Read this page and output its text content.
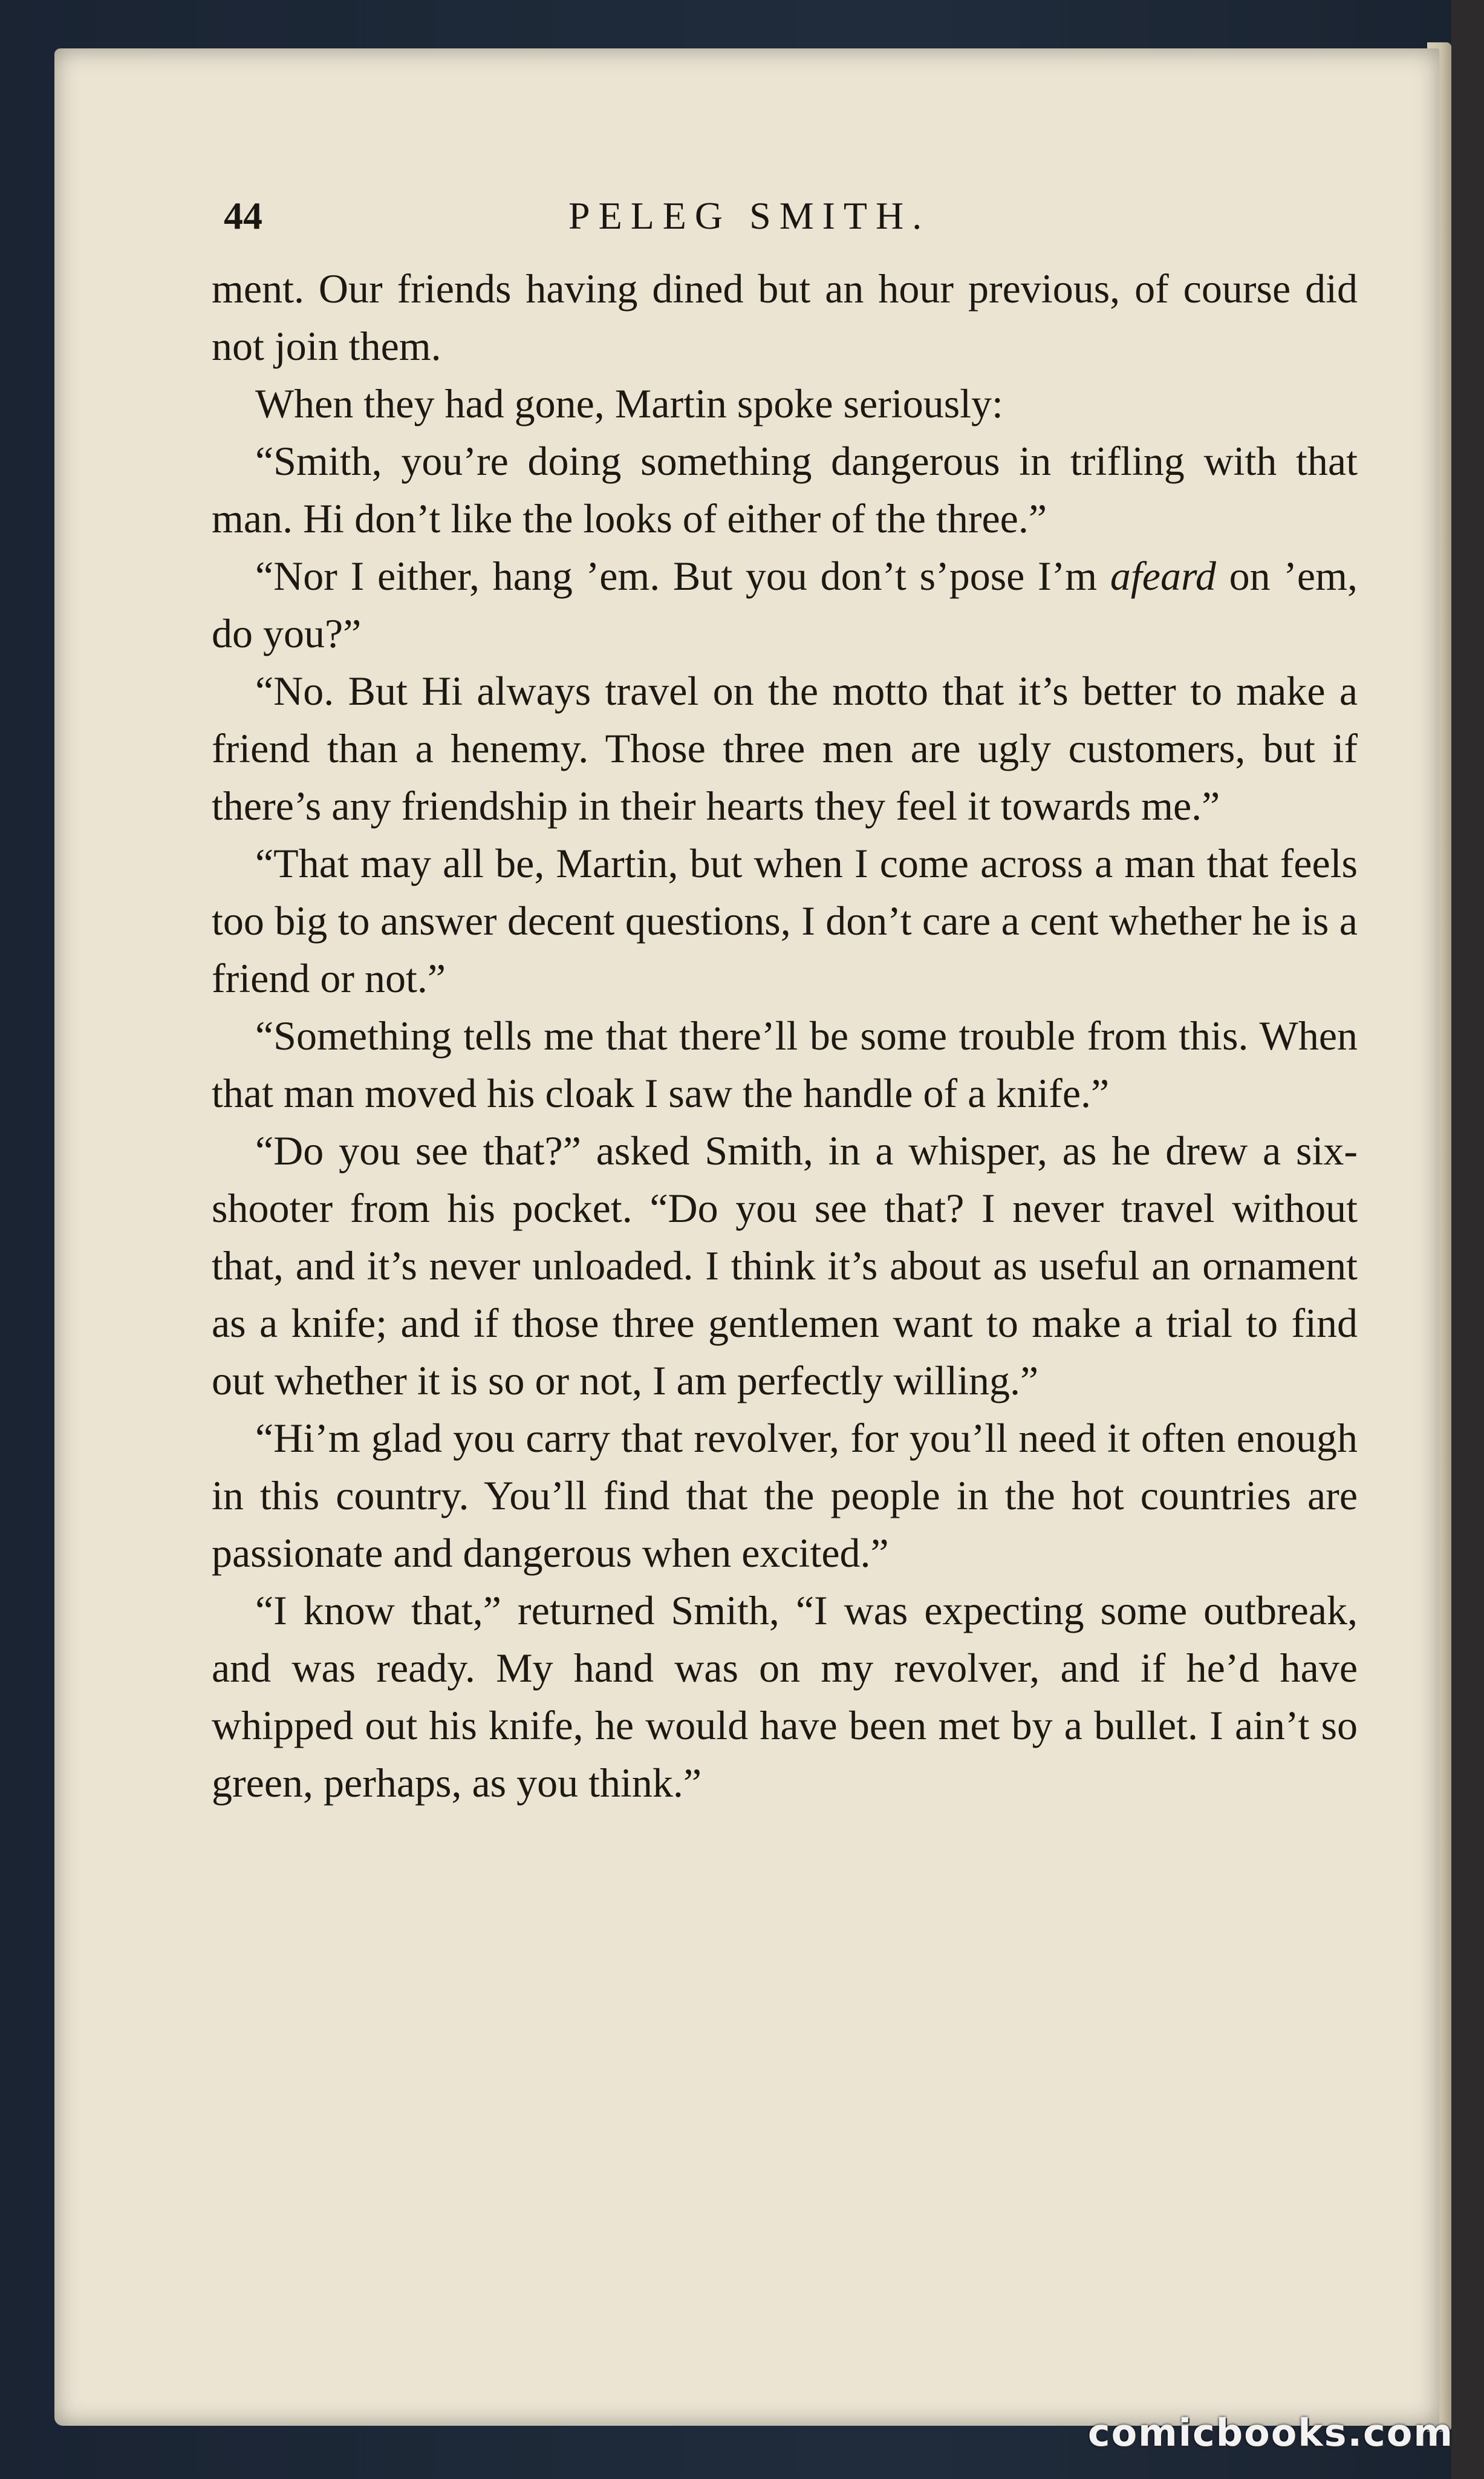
44	PELEG SMITH.

ment. Our friends having dined but an hour previous, of course did not join them.

When they had gone, Martin spoke seriously:

“Smith, you’re doing something dangerous in trifling with that man. Hi don’t like the looks of either of the three.”

“Nor I either, hang ’em. But you don’t s’pose I’m afeard on ’em, do you?”

“No. But Hi always travel on the motto that it’s better to make a friend than a henemy. Those three men are ugly customers, but if there’s any friendship in their hearts they feel it towards me.”

“That may all be, Martin, but when I come across a man that feels too big to answer decent questions, I don’t care a cent whether he is a friend or not.”

“Something tells me that there’ll be some trouble from this. When that man moved his cloak I saw the handle of a knife.”

“Do you see that?” asked Smith, in a whisper, as he drew a six-shooter from his pocket. “Do you see that? I never travel without that, and it’s never unloaded. I think it’s about as useful an ornament as a knife; and if those three gentlemen want to make a trial to find out whether it is so or not, I am perfectly willing.”

“Hi’m glad you carry that revolver, for you’ll need it often enough in this country. You’ll find that the people in the hot countries are passionate and dangerous when excited.”

“I know that,” returned Smith, “I was expecting some outbreak, and was ready. My hand was on my revolver, and if he’d have whipped out his knife, he would have been met by a bullet. I ain’t so green, perhaps, as you think.”

comicbooks.com
